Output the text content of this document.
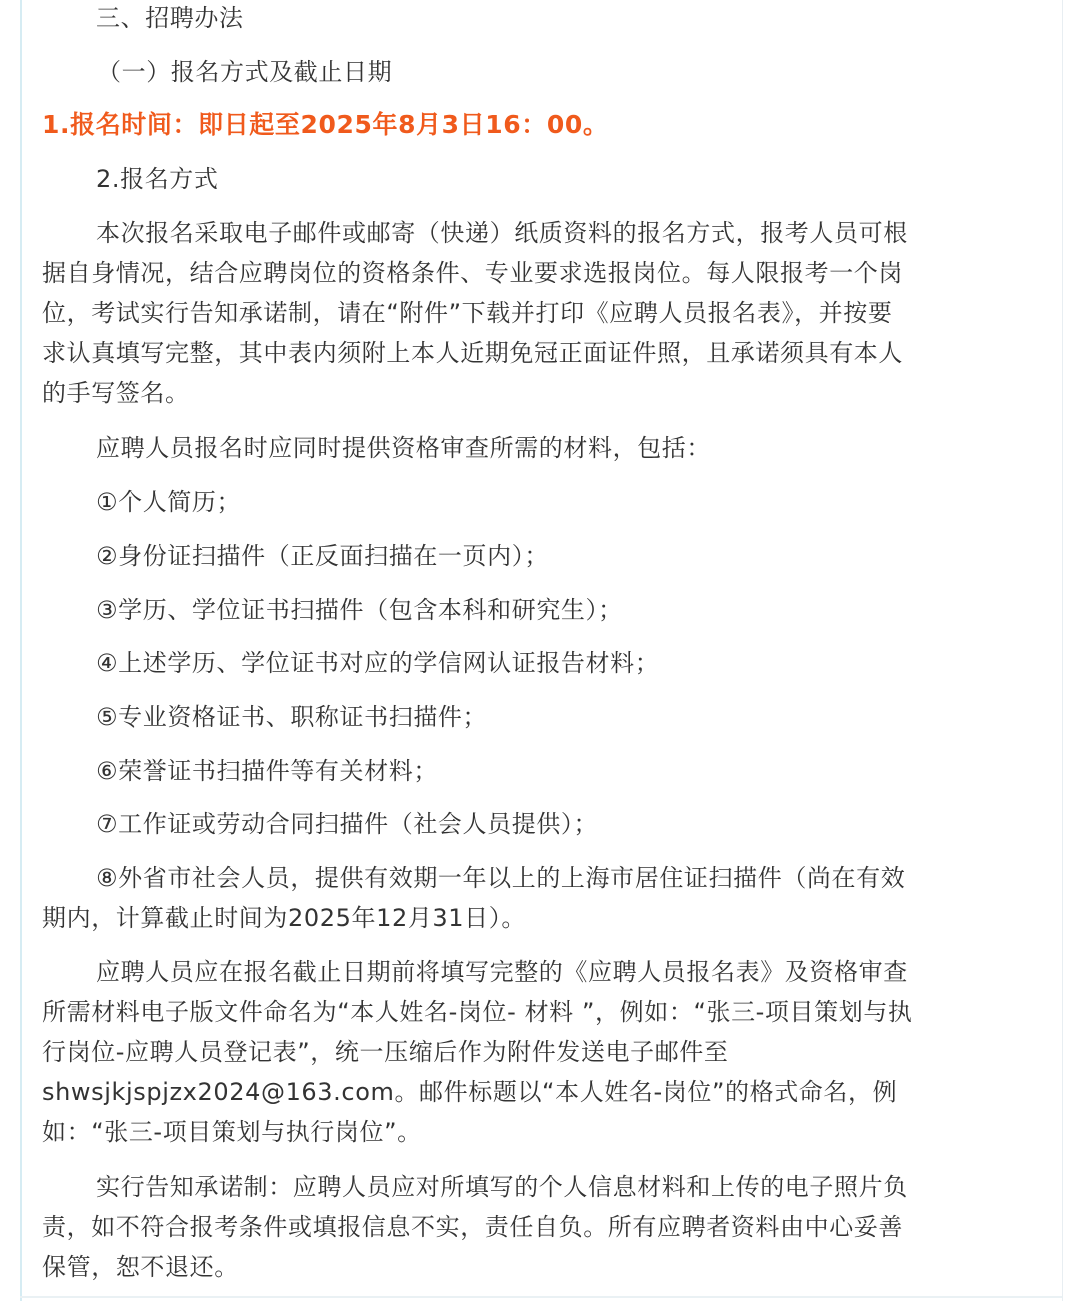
三、招聘办法

（一）报名方式及截止日期

1.报名时间：即日起至2025年8月3日16：00。

2.报名方式

本次报名采取电子邮件或邮寄（快递）纸质资料的报名方式，报考人员可根

据自身情况，结合应聘岗位的资格条件、专业要求选报岗位。每人限报考一个岗

位，考试实行告知承诺制，请在“附件”下载并打印《应聘人员报名表》，并按要

求认真填写完整，其中表内须附上本人近期免冠正面证件照，且承诺须具有本人

的手写签名。

应聘人员报名时应同时提供资格审查所需的材料，包括：

①个人简历；

②身份证扫描件（正反面扫描在一页内）；

③学历、学位证书扫描件（包含本科和研究生）；

④上述学历、学位证书对应的学信网认证报告材料；

⑤专业资格证书、职称证书扫描件；

⑥荣誉证书扫描件等有关材料；

⑦工作证或劳动合同扫描件（社会人员提供）；

⑧外省市社会人员，提供有效期一年以上的上海市居住证扫描件（尚在有效

期内，计算截止时间为2025年12月31日）。

应聘人员应在报名截止日期前将填写完整的《应聘人员报名表》及资格审查

所需材料电子版文件命名为“本人姓名-岗位- 材料 ”，例如：“张三-项目策划与执

行岗位-应聘人员登记表”，统一压缩后作为附件发送电子邮件至

shwsjkjspjzx2024@163.com。邮件标题以“本人姓名-岗位”的格式命名，例

如：“张三-项目策划与执行岗位”。

实行告知承诺制：应聘人员应对所填写的个人信息材料和上传的电子照片负

责，如不符合报考条件或填报信息不实，责任自负。所有应聘者资料由中心妥善

保管，恕不退还。
